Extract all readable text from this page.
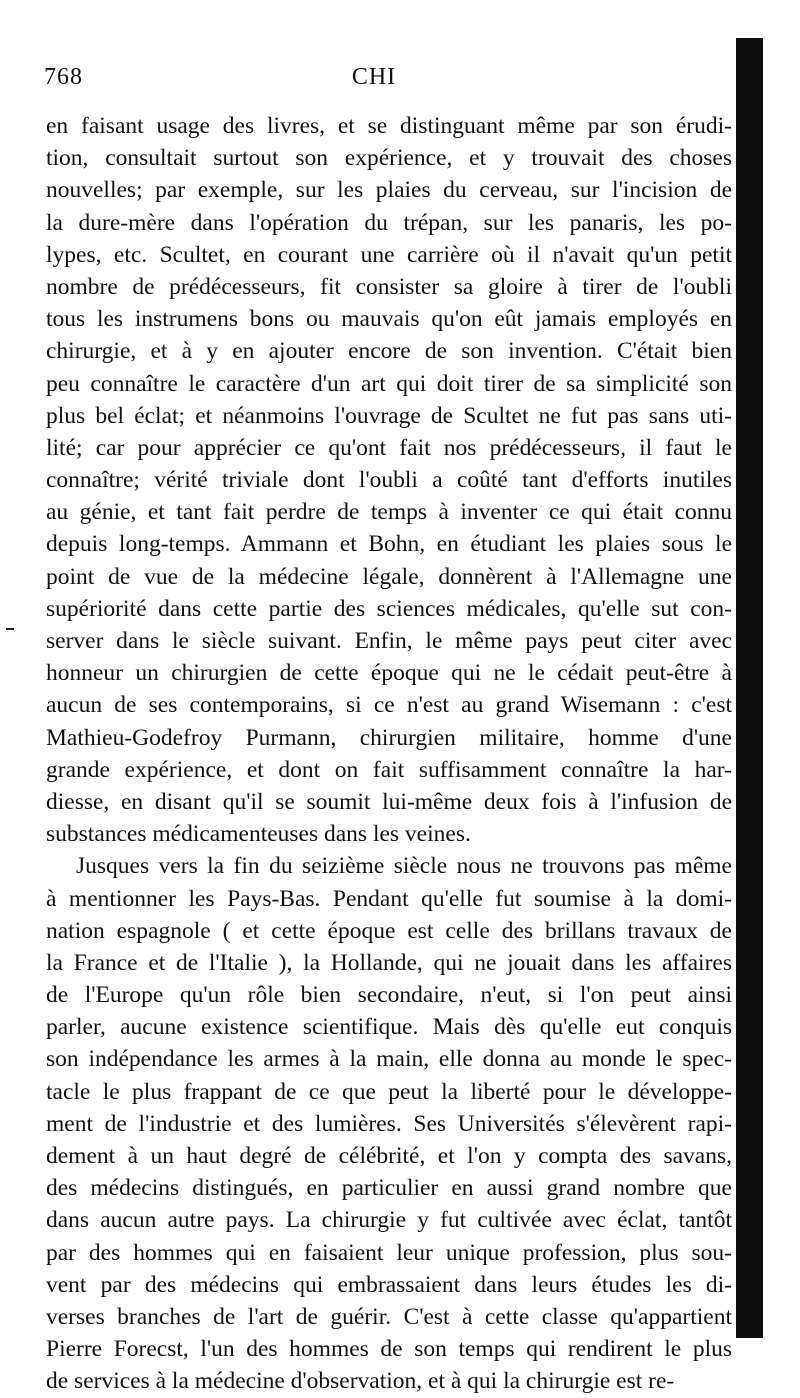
768	CHI
en faisant usage des livres, et se distinguant même par son érudi-
tion, consultait surtout son expérience, et y trouvait des choses
nouvelles; par exemple, sur les plaies du cerveau, sur l'incision de
la dure-mère dans l'opération du trépan, sur les panaris, les po-
lypes, etc. Scultet, en courant une carrière où il n'avait qu'un petit
nombre de prédécesseurs, fit consister sa gloire à tirer de l'oubli
tous les instrumens bons ou mauvais qu'on eût jamais employés en
chirurgie, et à y en ajouter encore de son invention. C'était bien
peu connaître le caractère d'un art qui doit tirer de sa simplicité son
plus bel éclat; et néanmoins l'ouvrage de Scultet ne fut pas sans uti-
lité; car pour apprécier ce qu'ont fait nos prédécesseurs, il faut le
connaître; vérité triviale dont l'oubli a coûté tant d'efforts inutiles
au génie, et tant fait perdre de temps à inventer ce qui était connu
depuis long-temps. Ammann et Bohn, en étudiant les plaies sous le
point de vue de la médecine légale, donnèrent à l'Allemagne une
supériorité dans cette partie des sciences médicales, qu'elle sut con-
server dans le siècle suivant. Enfin, le même pays peut citer avec
honneur un chirurgien de cette époque qui ne le cédait peut-être à
aucun de ses contemporains, si ce n'est au grand Wisemann : c'est
Mathieu-Godefroy Purmann, chirurgien militaire, homme d'une
grande expérience, et dont on fait suffisamment connaître la har-
diesse, en disant qu'il se soumit lui-même deux fois à l'infusion de
substances médicamenteuses dans les veines.
Jusques vers la fin du seizième siècle nous ne trouvons pas même
à mentionner les Pays-Bas. Pendant qu'elle fut soumise à la domi-
nation espagnole ( et cette époque est celle des brillans travaux de
la France et de l'Italie ), la Hollande, qui ne jouait dans les affaires
de l'Europe qu'un rôle bien secondaire, n'eut, si l'on peut ainsi
parler, aucune existence scientifique. Mais dès qu'elle eut conquis
son indépendance les armes à la main, elle donna au monde le spec-
tacle le plus frappant de ce que peut la liberté pour le développe-
ment de l'industrie et des lumières. Ses Universités s'élevèrent rapi-
dement à un haut degré de célébrité, et l'on y compta des savans,
des médecins distingués, en particulier en aussi grand nombre que
dans aucun autre pays. La chirurgie y fut cultivée avec éclat, tantôt
par des hommes qui en faisaient leur unique profession, plus sou-
vent par des médecins qui embrassaient dans leurs études les di-
verses branches de l'art de guérir. C'est à cette classe qu'appartient
Pierre Forecst, l'un des hommes de son temps qui rendirent le plus
de services à la médecine d'observation, et à qui la chirurgie est re-
